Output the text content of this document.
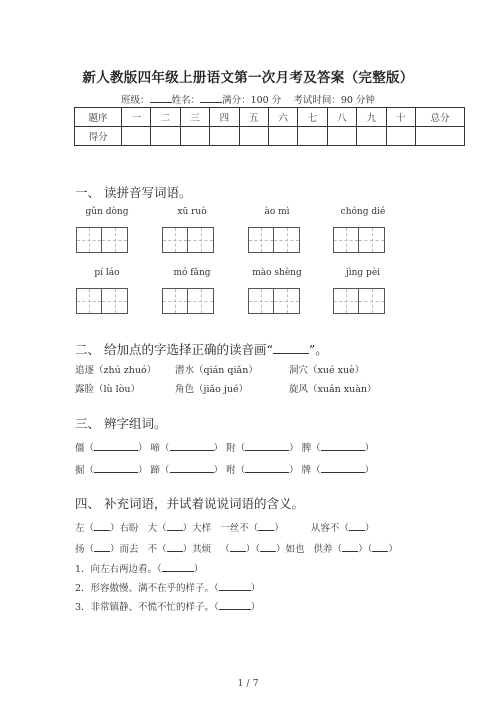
新人教版四年级上册语文第一次月考及答案（完整版）
班级： 姓名： 满分：100 分 考试时间：90 分钟
题序	一	二	三	四	五	六	七	八	九	十	总分
得分											
一、 读拼音写词语。
gǔn dòng	xū ruò	ào mì	chóng dié
pí láo	mó fǎng	mào shèng	jìng pèi
二、 给加点的字选择正确的读音画“	”。
追逐（zhú zhuó） 潜水（qián qiǎn）	洞穴（xué xuè）
露脸（lù lòu）	角色（jiǎo jué）	旋风（xuán xuàn）
三、 辨字组词。
僵（	） 啼（	） 附（	） 脾（	）
掘（	） 蹄（	） 咐（	） 牌（	）
四、 补充词语，并试着说说词语的含义。
左（ ）右盼 大（ ）大样 一丝不（ ）	从容不（ ）
扬（ ）而去 不（ ）其烦 （ ）（ ）如也 供养（ ）（ ）
1．向左右两边看。（	）
2．形容傲慢、满不在乎的样子。（	）
3．非常镇静、不慌不忙的样子。（	）
1 / 7
